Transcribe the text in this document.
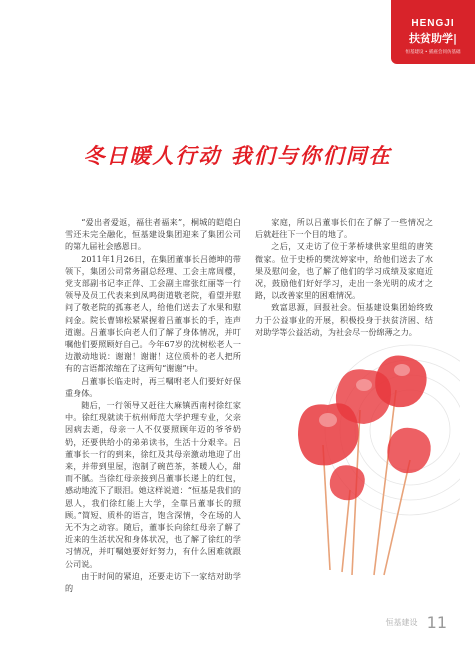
HENGJI
扶贫助学|
恒基建设 • 插座会同仿基础
冬日暖人行动 我们与你们同在

“爱出者爱返，福往者福来”，桐城的皑皑白雪还未完全融化，恒基建设集团迎来了集团公司的第九届社会感恩日。

2011年1月26日，在集团董事长吕德坤的带领下，集团公司常务副总经理、工会主席周樱，党支部副书记李正萍、工会副主席张红丽等一行领导及员工代表来到凤鸣街道敬老院，看望并慰问了敬老院的孤寡老人，给他们送去了水果和慰问金。院长曹锦松紧紧握着吕董事长的手，连声道谢。吕董事长向老人们了解了身体情况，并叮嘱他们要照顾好自己。今年67岁的沈树松老人一边激动地说：谢谢！谢谢！这位质朴的老人把所有的言语都浓缩在了这两句“谢谢”中。

吕董事长临走时，再三嘱咐老人们要好好保重身体。

随后，一行领导又赶往大麻镇西南村徐红家中。徐红现就读于杭州师范大学护理专业，父亲因病去逝，母亲一人不仅要照顾年迈的爷爷奶奶，还要供给小的弟弟读书，生活十分艰辛。吕董事长一行的到来，徐红及其母亲激动地迎了出来，并带到里屋，泡制了碗芭茶，茶暖人心，甜而不腻。当徐红母亲接到吕董事长递上的红包，感动地流下了眼泪。她这样说道：“恒基是我们的恩人，我们徐红能上大学，全靠吕董事长的照顾。”简短、质朴的语言，饱含深情，令在场的人无不为之动容。随后，董事长向徐红母亲了解了近来的生活状况和身体状况，也了解了徐红的学习情况，并叮嘱她要好好努力，有什么困难就跟公司说。

由于时间的紧迫，还要走访下一家结对助学的

家庭，所以吕董事长们在了解了一些情况之后就赶往下一个目的地了。

之后，又走访了位于茅桥埭供家里组的唐笑微家。位于史桥的樊沈婷家中，给他们送去了水果及慰问金，也了解了他们的学习成绩及家庭近况，鼓励他们好好学习，走出一条光明的成才之路，以改善家里的困难情况。

致富思源，回报社会。恒基建设集团始终致力于公益事业的开展，积极投身于扶贫济困、结对助学等公益活动，为社会尽一份绵薄之力。

恒基建设 11
